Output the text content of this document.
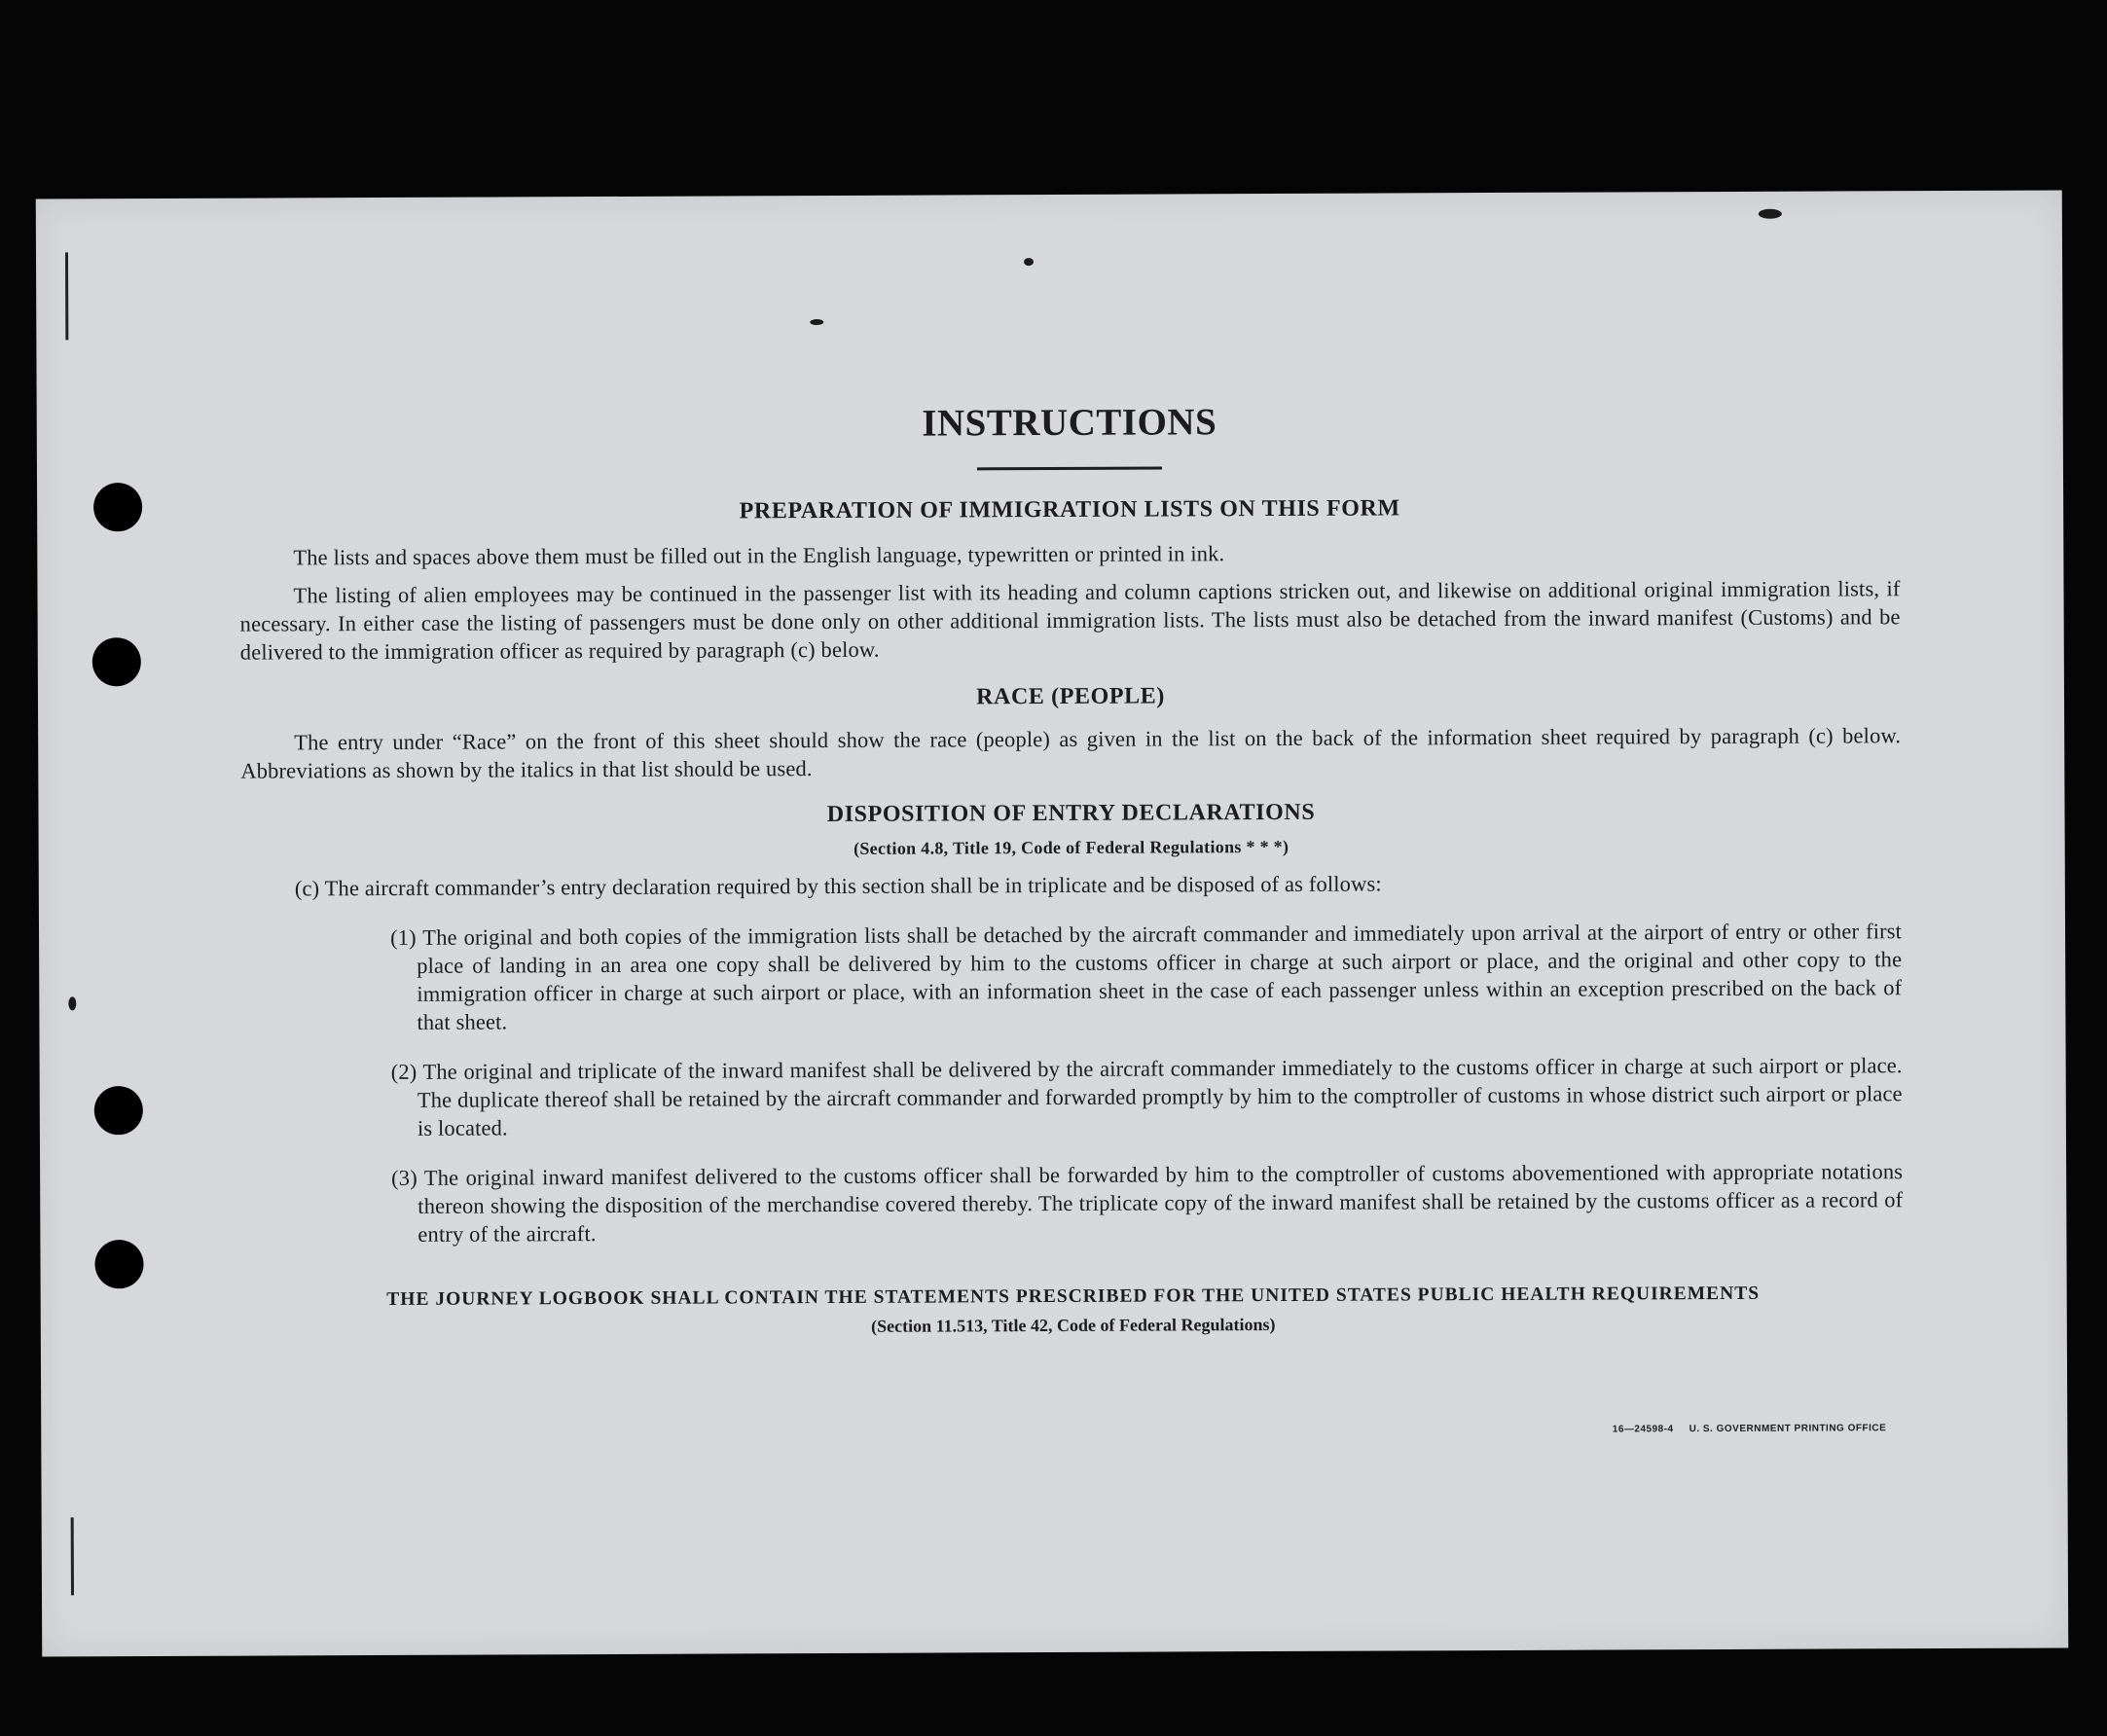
INSTRUCTIONS
PREPARATION OF IMMIGRATION LISTS ON THIS FORM

The lists and spaces above them must be filled out in the English language, typewritten or printed in ink.

The listing of alien employees may be continued in the passenger list with its heading and column captions stricken out, and likewise on additional original immigration lists, if necessary. In either case the listing of passengers must be done only on other additional immigration lists. The lists must also be detached from the inward manifest (Customs) and be delivered to the immigration officer as required by paragraph (c) below.

RACE (PEOPLE)

The entry under “Race” on the front of this sheet should show the race (people) as given in the list on the back of the information sheet required by paragraph (c) below. Abbreviations as shown by the italics in that list should be used.

DISPOSITION OF ENTRY DECLARATIONS

(Section 4.8, Title 19, Code of Federal Regulations * * *)

(c) The aircraft commander’s entry declaration required by this section shall be in triplicate and be disposed of as follows:

(1) The original and both copies of the immigration lists shall be detached by the aircraft commander and immediately upon arrival at the airport of entry or other first place of landing in an area one copy shall be delivered by him to the customs officer in charge at such airport or place, and the original and other copy to the immigration officer in charge at such airport or place, with an information sheet in the case of each passenger unless within an exception prescribed on the back of that sheet.

(2) The original and triplicate of the inward manifest shall be delivered by the aircraft commander immediately to the customs officer in charge at such airport or place. The duplicate thereof shall be retained by the aircraft commander and forwarded promptly by him to the comptroller of customs in whose district such airport or place is located.

(3) The original inward manifest delivered to the customs officer shall be forwarded by him to the comptroller of customs abovementioned with appropriate notations thereon showing the disposition of the merchandise covered thereby. The triplicate copy of the inward manifest shall be retained by the customs officer as a record of entry of the aircraft.

THE JOURNEY LOGBOOK SHALL CONTAIN THE STATEMENTS PRESCRIBED FOR THE UNITED STATES PUBLIC HEALTH REQUIREMENTS

(Section 11.513, Title 42, Code of Federal Regulations)

16—24598-4 U. S. GOVERNMENT PRINTING OFFICE
